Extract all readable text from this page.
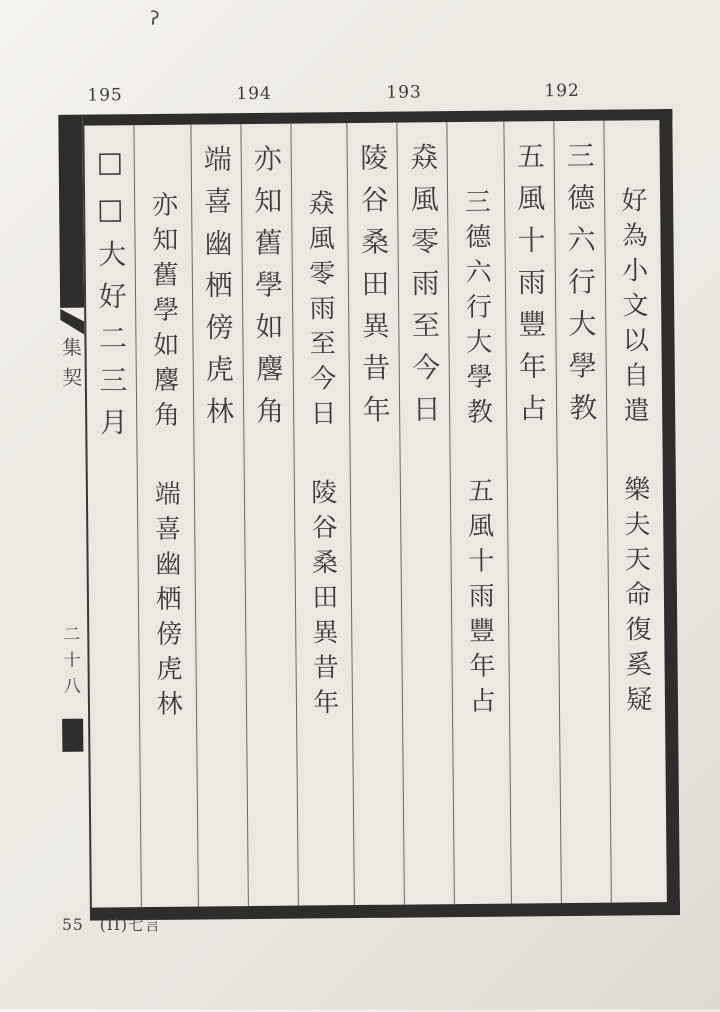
ʔ
195	194	193	192
集契
二十八
好為小文以自遣
樂夫天命復奚疑
三德六行大學教
五風十雨豐年占
三德六行大學教
五風十雨豐年占
猋風零雨至今日
陵谷桑田異昔年
猋風零雨至今日
陵谷桑田異昔年
亦知舊學如麐角
端喜幽栖傍虎林
亦知舊學如麐角
端喜幽栖傍虎林
□□大好二三月
55 (II)七言
